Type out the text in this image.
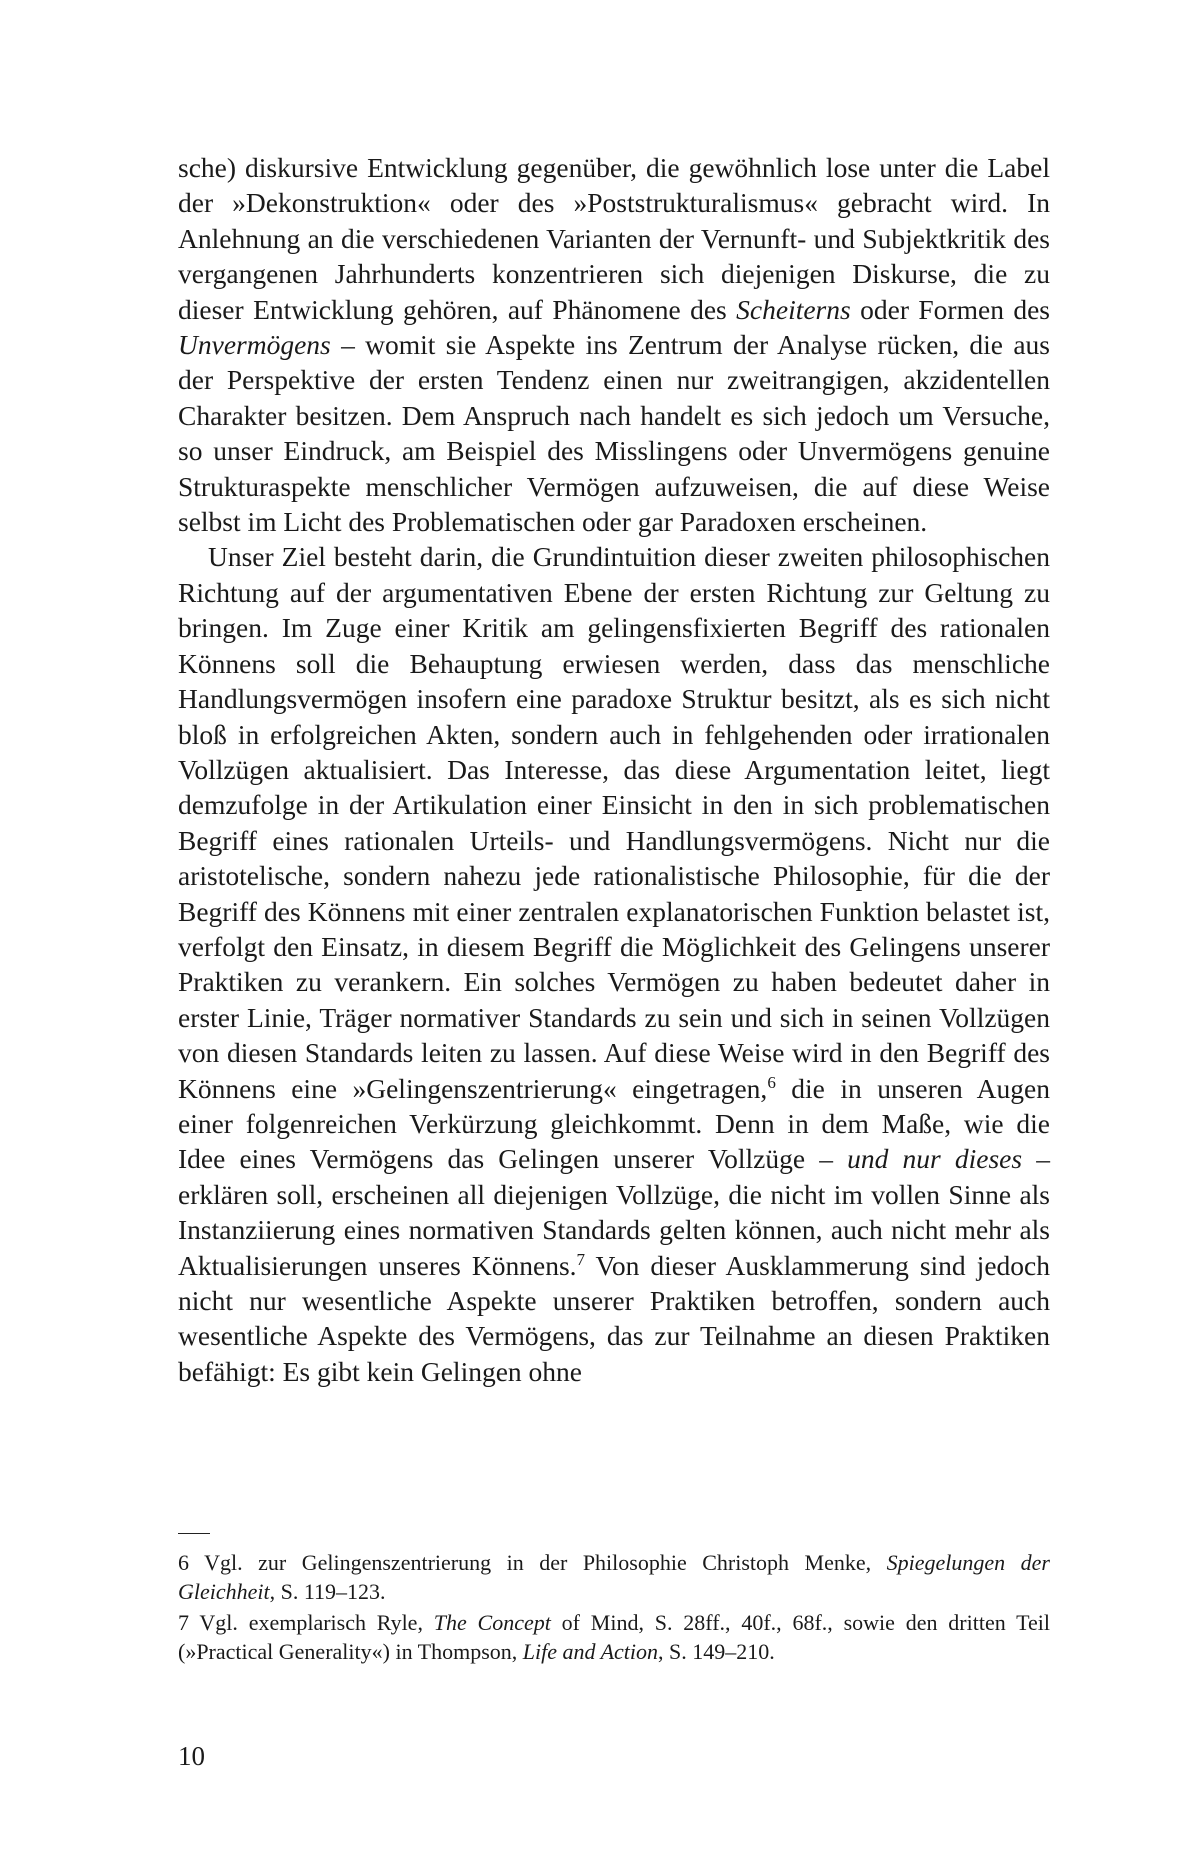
sche) diskursive Entwicklung gegenüber, die gewöhnlich lose unter die Label der »Dekonstruktion« oder des »Poststrukturalismus« gebracht wird. In Anlehnung an die verschiedenen Varianten der Vernunft- und Subjektkritik des vergangenen Jahrhunderts konzentrieren sich diejenigen Diskurse, die zu dieser Entwicklung gehören, auf Phänomene des Scheiterns oder Formen des Unvermögens – womit sie Aspekte ins Zentrum der Analyse rücken, die aus der Perspektive der ersten Tendenz einen nur zweitrangigen, akzidentellen Charakter besitzen. Dem Anspruch nach handelt es sich jedoch um Versuche, so unser Eindruck, am Beispiel des Misslingens oder Unvermögens genuine Strukturaspekte menschlicher Vermögen aufzuweisen, die auf diese Weise selbst im Licht des Problematischen oder gar Paradoxen erscheinen.

Unser Ziel besteht darin, die Grundintuition dieser zweiten philosophischen Richtung auf der argumentativen Ebene der ersten Richtung zur Geltung zu bringen. Im Zuge einer Kritik am gelingensfixierten Begriff des rationalen Könnens soll die Behauptung erwiesen werden, dass das menschliche Handlungsvermögen insofern eine paradoxe Struktur besitzt, als es sich nicht bloß in erfolgreichen Akten, sondern auch in fehlgehenden oder irrationalen Vollzügen aktualisiert. Das Interesse, das diese Argumentation leitet, liegt demzufolge in der Artikulation einer Einsicht in den in sich problematischen Begriff eines rationalen Urteils- und Handlungsvermögens. Nicht nur die aristotelische, sondern nahezu jede rationalistische Philosophie, für die der Begriff des Könnens mit einer zentralen explanatorischen Funktion belastet ist, verfolgt den Einsatz, in diesem Begriff die Möglichkeit des Gelingens unserer Praktiken zu verankern. Ein solches Vermögen zu haben bedeutet daher in erster Linie, Träger normativer Standards zu sein und sich in seinen Vollzügen von diesen Standards leiten zu lassen. Auf diese Weise wird in den Begriff des Könnens eine »Gelingenszentrierung« eingetragen,$^6$ die in unseren Augen einer folgenreichen Verkürzung gleichkommt. Denn in dem Maße, wie die Idee eines Vermögens das Gelingen unserer Vollzüge – und nur dieses – erklären soll, erscheinen all diejenigen Vollzüge, die nicht im vollen Sinne als Instanziierung eines normativen Standards gelten können, auch nicht mehr als Aktualisierungen unseres Könnens.$^7$ Von dieser Ausklammerung sind jedoch nicht nur wesentliche Aspekte unserer Praktiken betroffen, sondern auch wesentliche Aspekte des Vermögens, das zur Teilnahme an diesen Praktiken befähigt: Es gibt kein Gelingen ohne

6 Vgl. zur Gelingenszentrierung in der Philosophie Christoph Menke, Spiegelungen der Gleichheit, S. 119–123.

7 Vgl. exemplarisch Ryle, The Concept of Mind, S. 28ff., 40f., 68f., sowie den dritten Teil (»Practical Generality«) in Thompson, Life and Action, S. 149–210.

10
